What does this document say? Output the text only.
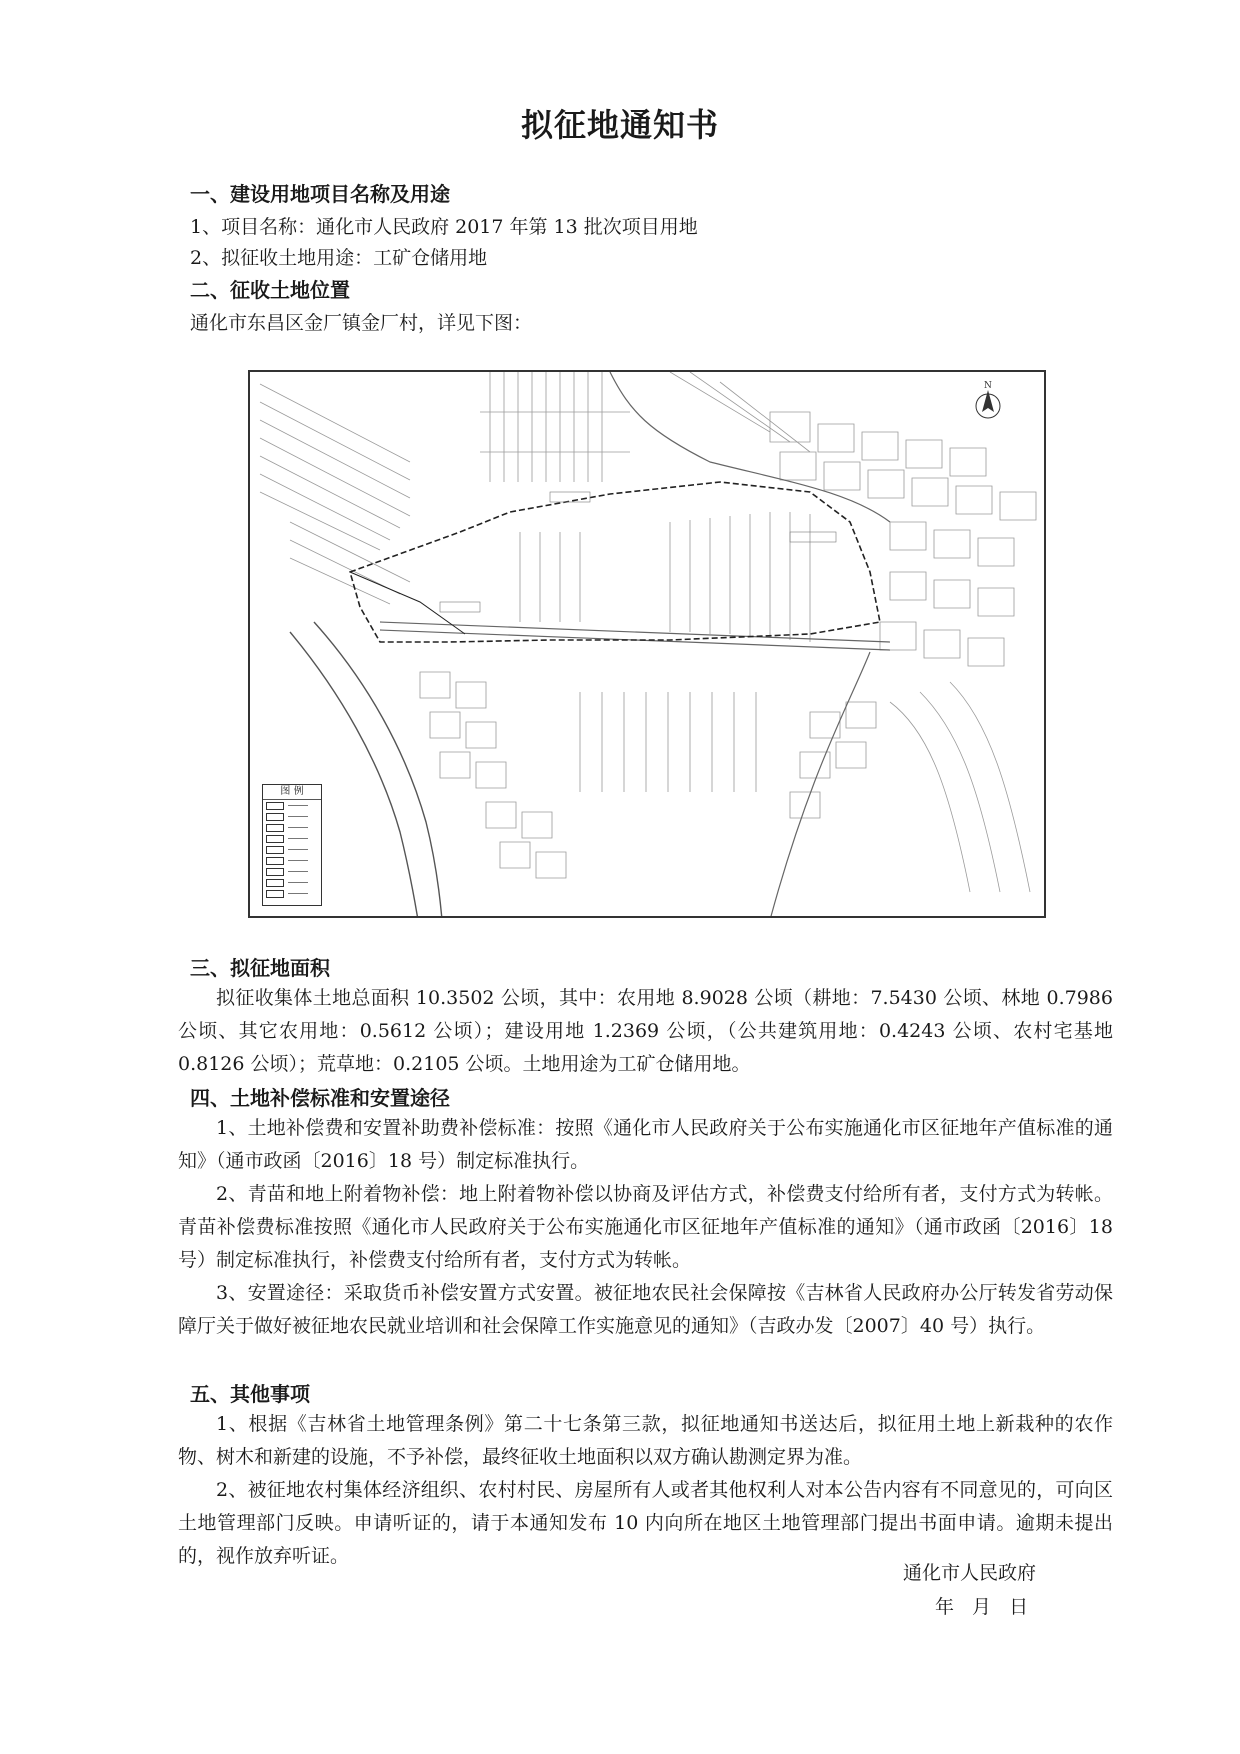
拟征地通知书
一、建设用地项目名称及用途
1、项目名称：通化市人民政府 2017 年第 13 批次项目用地
2、拟征收土地用途：工矿仓储用地
二、征收土地位置
通化市东昌区金厂镇金厂村，详见下图：
N
图 例
三、拟征地面积

拟征收集体土地总面积 10.3502 公顷，其中：农用地 8.9028 公顷（耕地：7.5430 公顷、林地 0.7986 公顷、其它农用地：0.5612 公顷）；建设用地 1.2369 公顷，（公共建筑用地：0.4243 公顷、农村宅基地 0.8126 公顷）；荒草地：0.2105 公顷。土地用途为工矿仓储用地。

四、土地补偿标准和安置途径

1、土地补偿费和安置补助费补偿标准：按照《通化市人民政府关于公布实施通化市区征地年产值标准的通知》（通市政函〔2016〕18 号）制定标准执行。

2、青苗和地上附着物补偿：地上附着物补偿以协商及评估方式，补偿费支付给所有者，支付方式为转帐。青苗补偿费标准按照《通化市人民政府关于公布实施通化市区征地年产值标准的通知》（通市政函〔2016〕18 号）制定标准执行，补偿费支付给所有者，支付方式为转帐。

3、安置途径：采取货币补偿安置方式安置。被征地农民社会保障按《吉林省人民政府办公厅转发省劳动保障厅关于做好被征地农民就业培训和社会保障工作实施意见的通知》（吉政办发〔2007〕40 号）执行。

五、其他事项

1、根据《吉林省土地管理条例》第二十七条第三款，拟征地通知书送达后，拟征用土地上新栽种的农作物、树木和新建的设施，不予补偿，最终征收土地面积以双方确认勘测定界为准。

2、被征地农村集体经济组织、农村村民、房屋所有人或者其他权利人对本公告内容有不同意见的，可向区土地管理部门反映。申请听证的，请于本通知发布 10 内向所在地区土地管理部门提出书面申请。逾期未提出的，视作放弃听证。

通化市人民政府
年 月 日
